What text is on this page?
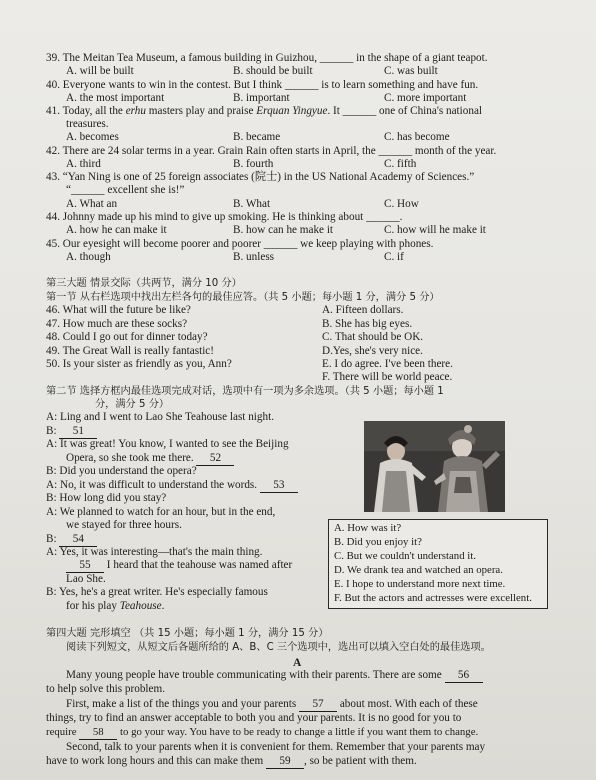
39. The Meitan Tea Museum, a famous building in Guizhou, ______ in the shape of a giant teapot.
A. will be built	B. should be built	C. was built
40. Everyone wants to win in the contest. But I think ______ is to learn something and have fun.
A. the most important	B. important	C. more important
41. Today, all the erhu masters play and praise Erquan Yingyue. It ______ one of China's national
treasures.
A. becomes	B. became	C. has become
42. There are 24 solar terms in a year. Grain Rain often starts in April, the ______ month of the year.
A. third	B. fourth	C. fifth
43. “Yan Ning is one of 25 foreign associates (院士) in the US National Academy of Sciences.”
“______ excellent she is!”
A. What an	B. What	C. How
44. Johnny made up his mind to give up smoking. He is thinking about ______.
A. how he can make it	B. how can he make it	C. how will he make it
45. Our eyesight will become poorer and poorer ______ we keep playing with phones.
A. though	B. unless	C. if
第三大题 情景交际（共两节，满分 10 分）
第一节 从右栏选项中找出左栏各句的最佳应答。（共 5 小题；每小题 1 分，满分 5 分）
46. What will the future be like?
47. How much are these socks?
48. Could I go out for dinner today?
49. The Great Wall is really fantastic!
50. Is your sister as friendly as you, Ann?
A. Fifteen dollars.
B. She has big eyes.
C. That should be OK.
D.Yes, she's very nice.
E. I do agree. I've been there.
F. There will be world peace.
第二节 选择方框内最佳选项完成对话，选项中有一项为多余选项。（共 5 小题；每小题 1
分，满分 5 分）
A: Ling and I went to Lao She Teahouse last night.
B: 51
A: It was great! You know, I wanted to see the Beijing
Opera, so she took me there. 52
B: Did you understand the opera?
A: No, it was difficult to understand the words. 53
B: How long did you stay?
A: We planned to watch for an hour, but in the end,
we stayed for three hours.
B: 54
A: Yes, it was interesting—that's the main thing.
55 I heard that the teahouse was named after
Lao She.
B: Yes, he's a great writer. He's especially famous
for his play Teahouse.
A. How was it?
B. Did you enjoy it?
C. But we couldn't understand it.
D. We drank tea and watched an opera.
E. I hope to understand more next time.
F. But the actors and actresses were excellent.
第四大题 完形填空 （共 15 小题；每小题 1 分，满分 15 分）
阅读下列短文，从短文后各题所给的 A、B、C 三个选项中，选出可以填入空白处的最佳选项。
A
Many young people have trouble communicating with their parents. There are some 56
to help solve this problem.
First, make a list of the things you and your parents 57 about most. With each of these
things, try to find an answer acceptable to both you and your parents. It is no good for you to
require 58 to go your way. You have to be ready to change a little if you want them to change.
Second, talk to your parents when it is convenient for them. Remember that your parents may
have to work long hours and this can make them 59 , so be patient with them.
